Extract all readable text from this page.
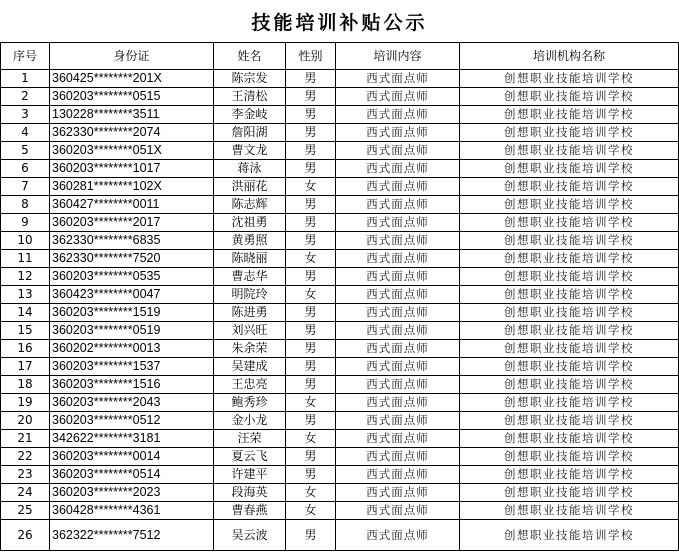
技能培训补贴公示
序号	身份证	姓名	性别	培训内容	培训机构名称
1	360425********201X	陈宗发	男	西式面点师	创想职业技能培训学校
2	360203********0515	王清松	男	西式面点师	创想职业技能培训学校
3	130228********3511	李金岐	男	西式面点师	创想职业技能培训学校
4	362330********2074	詹阳湖	男	西式面点师	创想职业技能培训学校
5	360203********051X	曹文龙	男	西式面点师	创想职业技能培训学校
6	360203********1017	蒋泳	男	西式面点师	创想职业技能培训学校
7	360281********102X	洪丽花	女	西式面点师	创想职业技能培训学校
8	360427********0011	陈志辉	男	西式面点师	创想职业技能培训学校
9	360203********2017	沈祖勇	男	西式面点师	创想职业技能培训学校
10	362330********6835	黄勇照	男	西式面点师	创想职业技能培训学校
11	362330********7520	陈晓丽	女	西式面点师	创想职业技能培训学校
12	360203********0535	曹志华	男	西式面点师	创想职业技能培训学校
13	360423********0047	明院玲	女	西式面点师	创想职业技能培训学校
14	360203********1519	陈进勇	男	西式面点师	创想职业技能培训学校
15	360203********0519	刘兴旺	男	西式面点师	创想职业技能培训学校
16	360202********0013	朱余荣	男	西式面点师	创想职业技能培训学校
17	360203********1537	吴建成	男	西式面点师	创想职业技能培训学校
18	360203********1516	王忠亮	男	西式面点师	创想职业技能培训学校
19	360203********2043	鲍秀珍	女	西式面点师	创想职业技能培训学校
20	360203********0512	金小龙	男	西式面点师	创想职业技能培训学校
21	342622********3181	汪荣	女	西式面点师	创想职业技能培训学校
22	360203********0014	夏云飞	男	西式面点师	创想职业技能培训学校
23	360203********0514	许建平	男	西式面点师	创想职业技能培训学校
24	360203********2023	段海英	女	西式面点师	创想职业技能培训学校
25	360428********4361	曹春燕	女	西式面点师	创想职业技能培训学校
26	362322********7512	吴云波	男	西式面点师	创想职业技能培训学校
